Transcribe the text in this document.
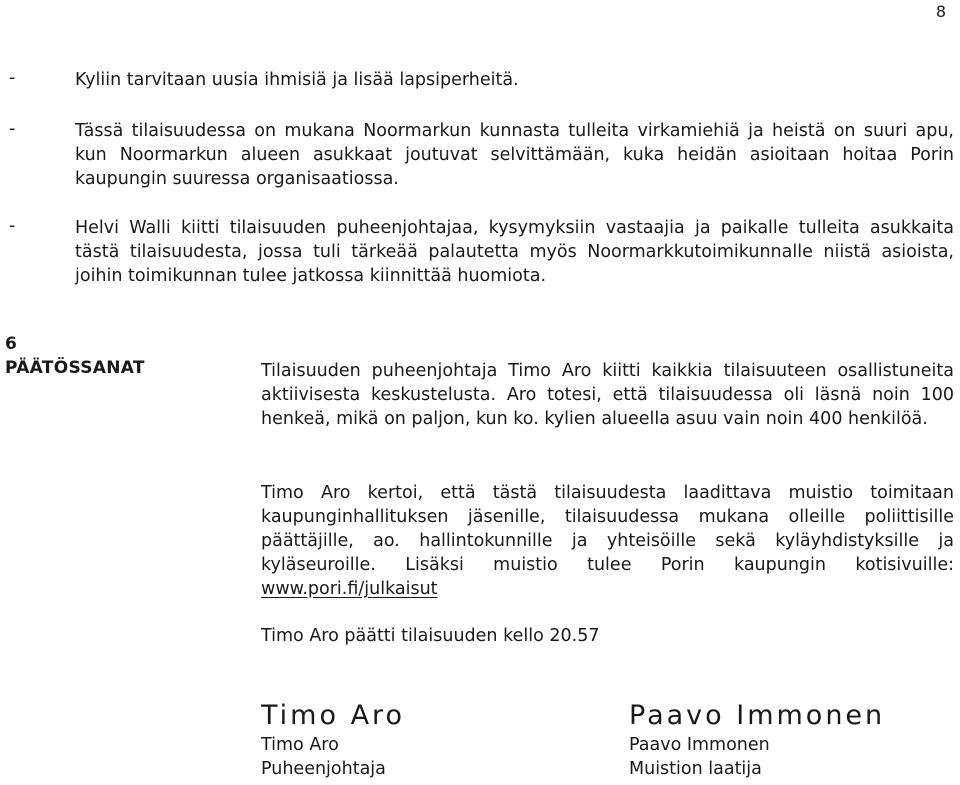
8
-	Kyliin tarvitaan uusia ihmisiä ja lisää lapsiperheitä.
-	Tässä tilaisuudessa on mukana Noormarkun kunnasta tulleita virkamiehiä ja heistä on suuri apu, kun Noormarkun alueen asukkaat joutuvat selvittämään, kuka heidän asioitaan hoitaa Porin kaupungin suuressa organisaatiossa.
-	Helvi Walli kiitti tilaisuuden puheenjohtajaa, kysymyksiin vastaajia ja paikalle tulleita asukkaita tästä tilaisuudesta, jossa tuli tärkeää palautetta myös Noormarkkutoimikunnalle niistä asioista, joihin toimikunnan tulee jatkossa kiinnittää huomiota.
6
PÄÄTÖSSANAT	Tilaisuuden puheenjohtaja Timo Aro kiitti kaikkia tilaisuuteen osallistuneita aktiivisesta keskustelusta. Aro totesi, että tilaisuudessa oli läsnä noin 100 henkeä, mikä on paljon, kun ko. kylien alueella asuu vain noin 400 henkilöä.
Timo Aro kertoi, että tästä tilaisuudesta laadittava muistio toimitaan kaupunginhallituksen jäsenille, tilaisuudessa mukana olleille poliittisille päättäjille, ao. hallintokunnille ja yhteisöille sekä kyläyhdistyksille ja kyläseuroille. Lisäksi muistio tulee Porin kaupungin kotisivuille: www.pori.fi/julkaisut
Timo Aro päätti tilaisuuden kello 20.57
Timo Aro
Timo Aro
Puheenjohtaja
Paavo Immonen
Paavo Immonen
Muistion laatija
